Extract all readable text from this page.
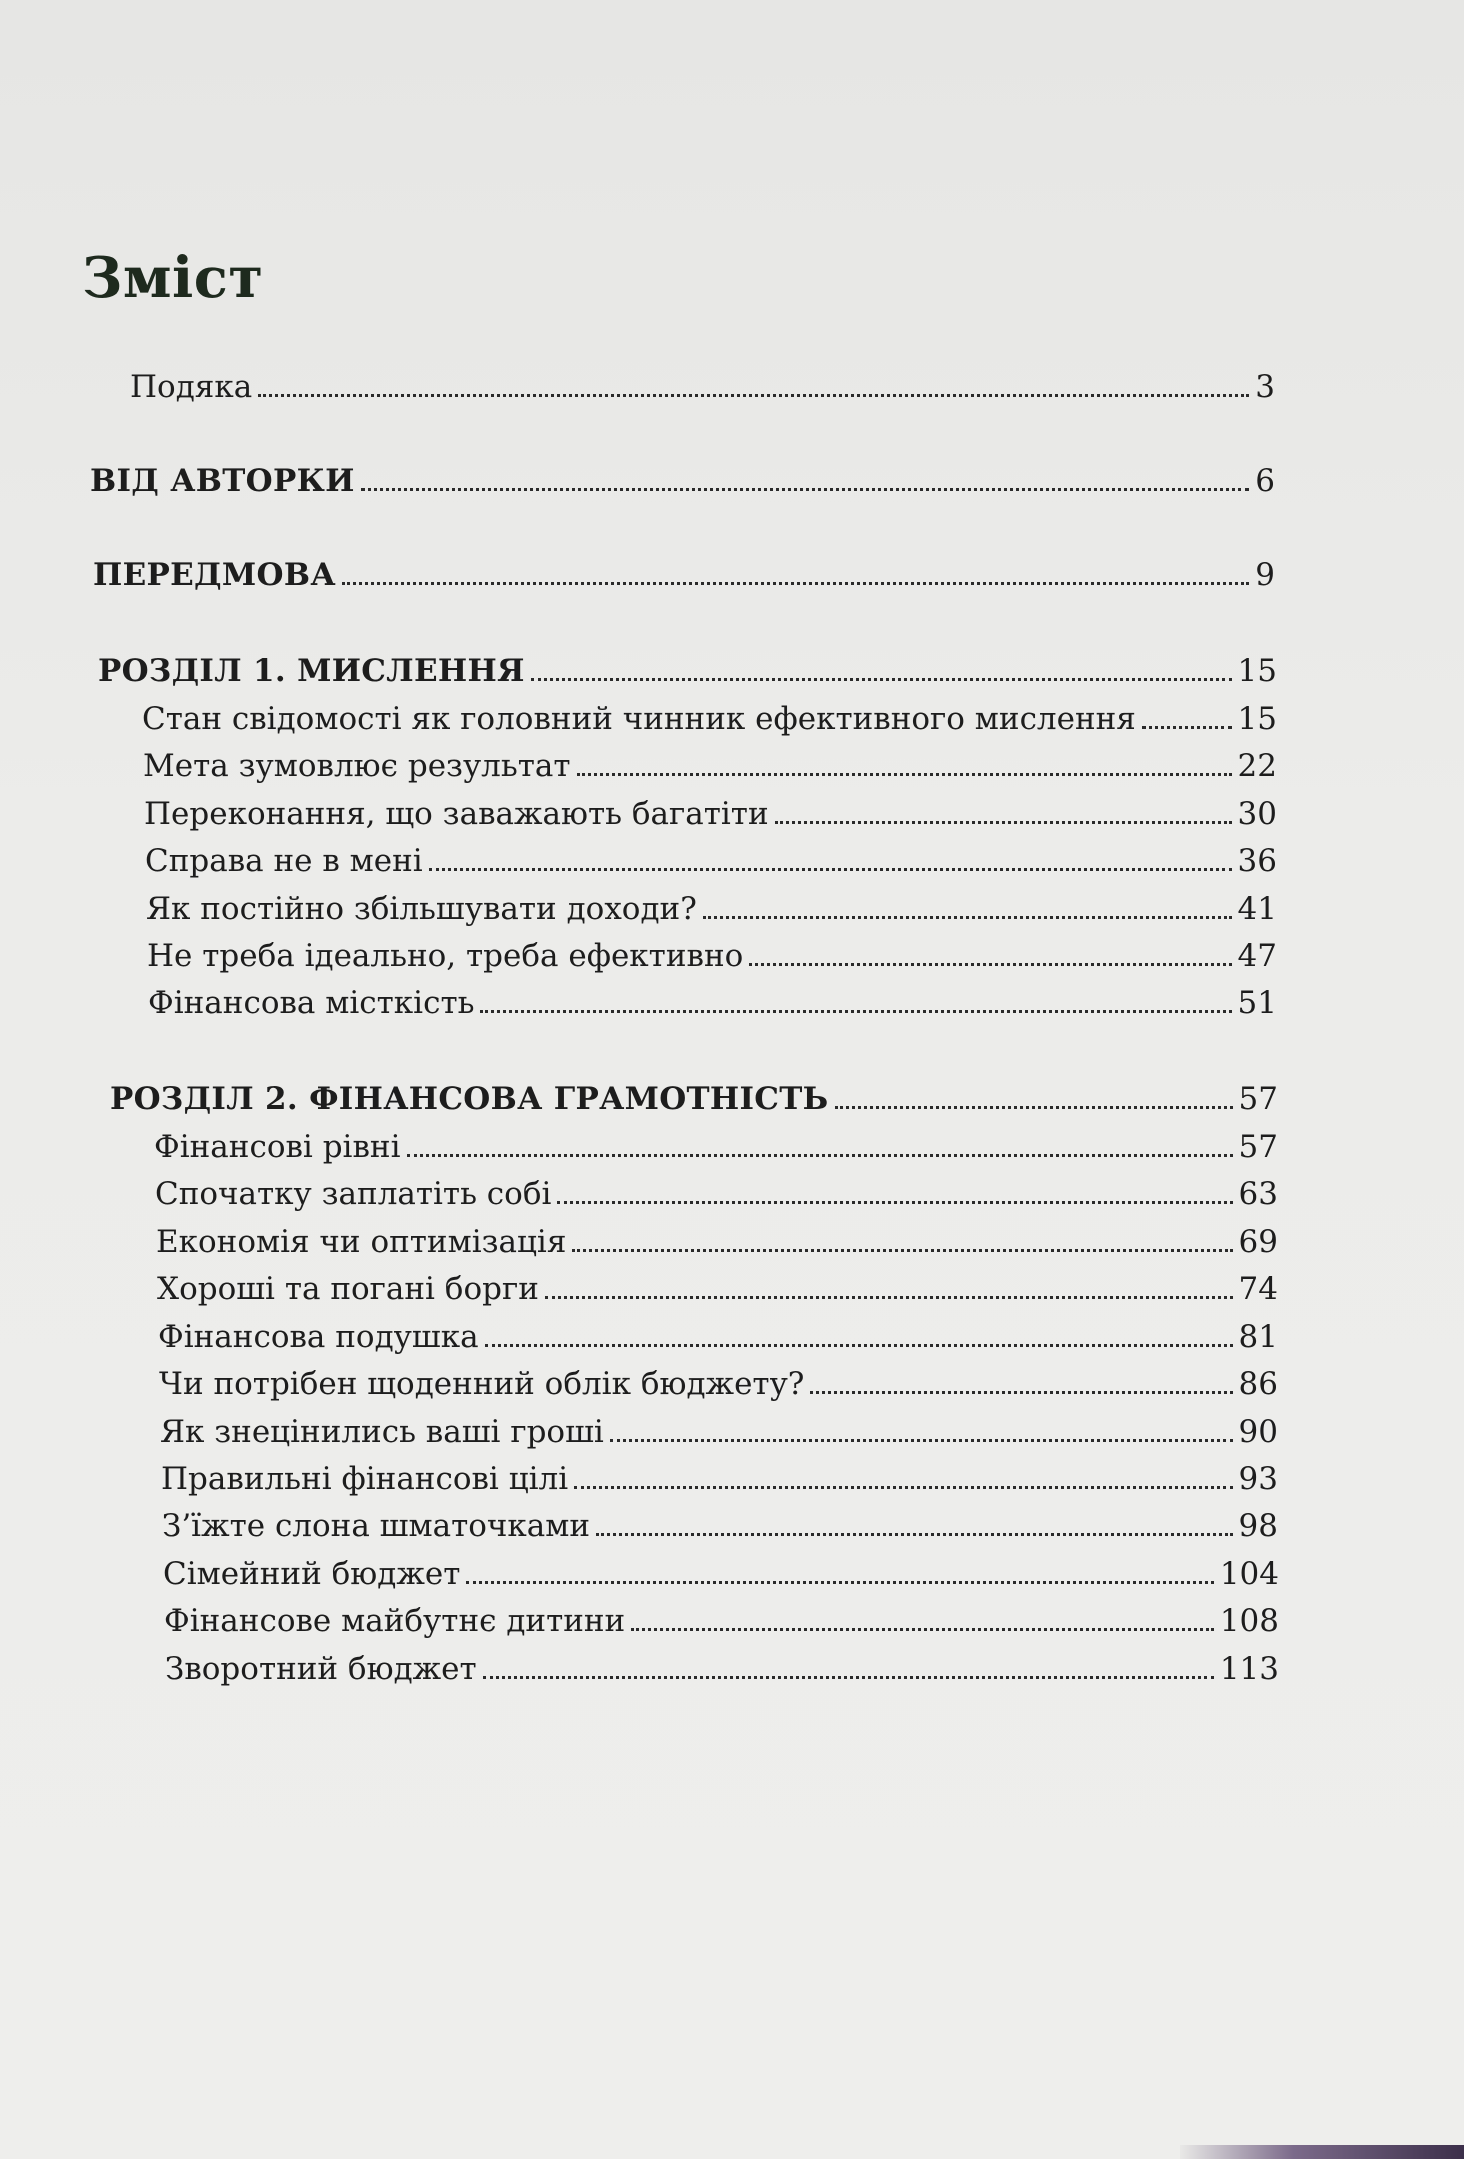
Зміст
Подяка	3
ВІД АВТОРКИ	6
ПЕРЕДМОВА	9
РОЗДІЛ 1. МИСЛЕННЯ	15
Стан свідомості як головний чинник ефективного мислення	15
Мета зумовлює результат	22
Переконання, що заважають багатіти	30
Справа не в мені	36
Як постійно збільшувати доходи?	41
Не треба ідеально, треба ефективно	47
Фінансова місткість	51
РОЗДІЛ 2. ФІНАНСОВА ГРАМОТНІСТЬ	57
Фінансові рівні	57
Спочатку заплатіть собі	63
Економія чи оптимізація	69
Хороші та погані борги	74
Фінансова подушка	81
Чи потрібен щоденний облік бюджету?	86
Як знецінились ваші гроші	90
Правильні фінансові цілі	93
З’їжте слона шматочками	98
Сімейний бюджет	104
Фінансове майбутнє дитини	108
Зворотний бюджет	113
